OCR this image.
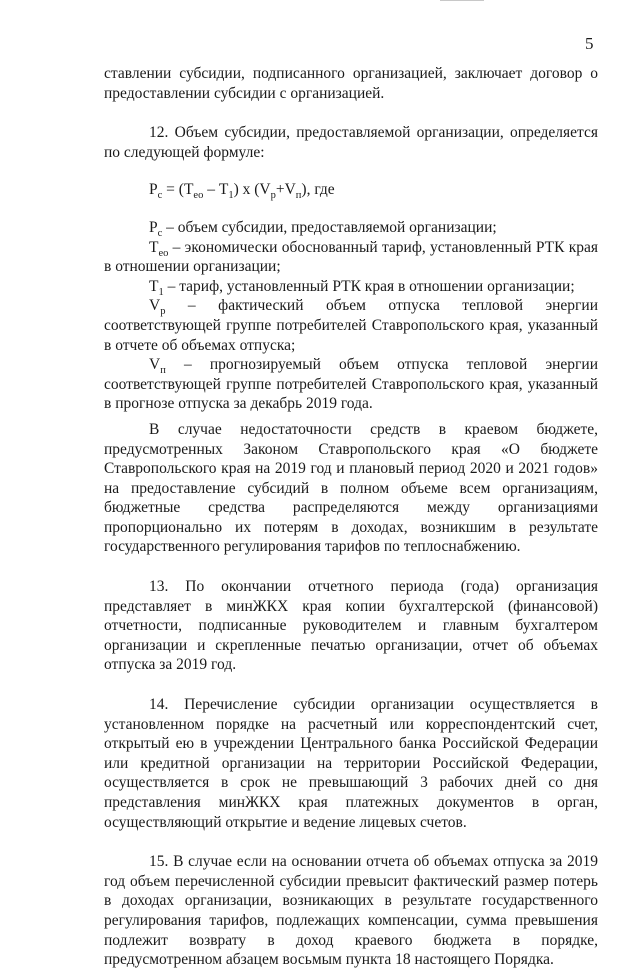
5

ставлении субсидии, подписанного организацией, заключает договор о предоставлении субсидии с организацией.

12. Объем субсидии, предоставляемой организации, определяется по следующей формуле:

$P_c = (T_{ео} - T_1)$ x $(V_p+V_п)$, где

$P_c$ – объем субсидии, предоставляемой организации;

$T_{ео}$ – экономически обоснованный тариф, установленный РТК края в отношении организации;

$T_1$ – тариф, установленный РТК края в отношении организации;

$V_р$ – фактический объем отпуска тепловой энергии соответствующей группе потребителей Ставропольского края, указанный в отчете об объемах отпуска;

$V_п$ – прогнозируемый объем отпуска тепловой энергии соответствующей группе потребителей Ставропольского края, указанный в прогнозе отпуска за декабрь 2019 года.

В случае недостаточности средств в краевом бюджете, предусмотренных Законом Ставропольского края «О бюджете Ставропольского края на 2019 год и плановый период 2020 и 2021 годов» на предоставление субсидий в полном объеме всем организациям, бюджетные средства распределяются между организациями пропорционально их потерям в доходах, возникшим в результате государственного регулирования тарифов по теплоснабжению.

13. По окончании отчетного периода (года) организация представляет в минЖКХ края копии бухгалтерской (финансовой) отчетности, подписанные руководителем и главным бухгалтером организации и скрепленные печатью организации, отчет об объемах отпуска за 2019 год.

14. Перечисление субсидии организации осуществляется в установленном порядке на расчетный или корреспондентский счет, открытый ею в учреждении Центрального банка Российской Федерации или кредитной организации на территории Российской Федерации, осуществляется в срок не превышающий 3 рабочих дней со дня представления минЖКХ края платежных документов в орган, осуществляющий открытие и ведение лицевых счетов.

15. В случае если на основании отчета об объемах отпуска за 2019 год объем перечисленной субсидии превысит фактический размер потерь в доходах организации, возникающих в результате государственного регулирования тарифов, подлежащих компенсации, сумма превышения подлежит возврату в доход краевого бюджета в порядке, предусмотренном абзацем восьмым пункта 18 настоящего Порядка.
